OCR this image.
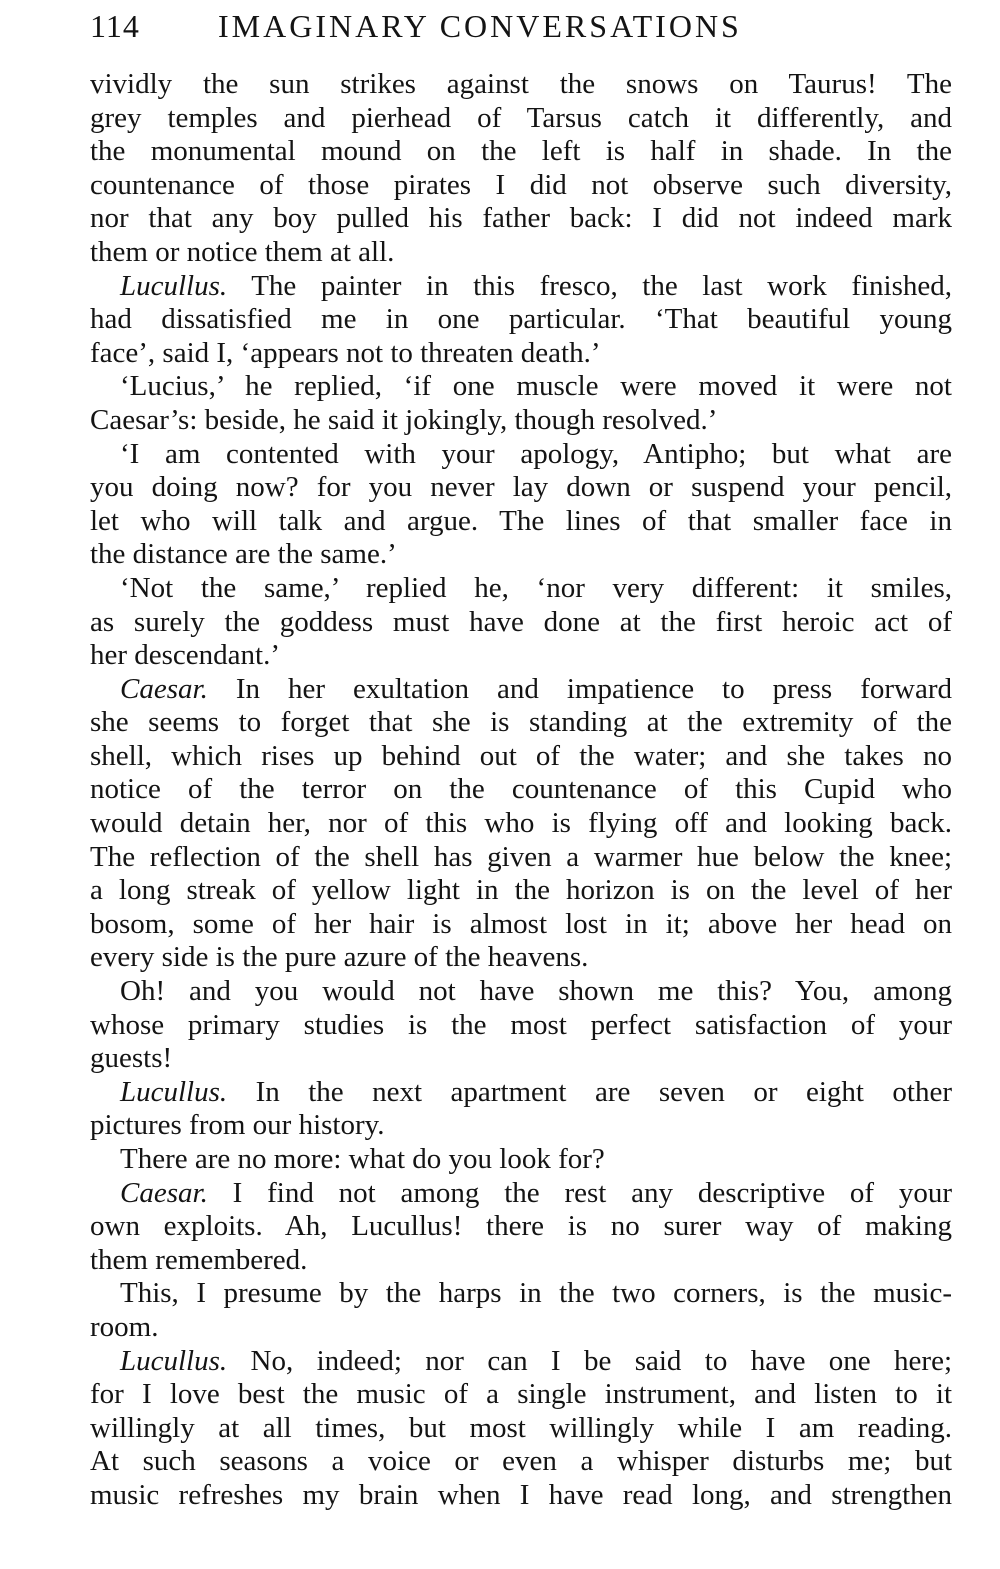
114 IMAGINARY CONVERSATIONS
vividly the sun strikes against the snows on Taurus! The
grey temples and pierhead of Tarsus catch it differently, and
the monumental mound on the left is half in shade. In the
countenance of those pirates I did not observe such diversity,
nor that any boy pulled his father back: I did not indeed mark
them or notice them at all.
Lucullus. The painter in this fresco, the last work finished,
had dissatisfied me in one particular. ‘That beautiful young
face’, said I, ‘appears not to threaten death.’
‘Lucius,’ he replied, ‘if one muscle were moved it were not
Caesar’s: beside, he said it jokingly, though resolved.’
‘I am contented with your apology, Antipho; but what are
you doing now? for you never lay down or suspend your pencil,
let who will talk and argue. The lines of that smaller face in
the distance are the same.’
‘Not the same,’ replied he, ‘nor very different: it smiles,
as surely the goddess must have done at the first heroic act of
her descendant.’
Caesar. In her exultation and impatience to press forward
she seems to forget that she is standing at the extremity of the
shell, which rises up behind out of the water; and she takes no
notice of the terror on the countenance of this Cupid who
would detain her, nor of this who is flying off and looking back.
The reflection of the shell has given a warmer hue below the knee;
a long streak of yellow light in the horizon is on the level of her
bosom, some of her hair is almost lost in it; above her head on
every side is the pure azure of the heavens.
Oh! and you would not have shown me this? You, among
whose primary studies is the most perfect satisfaction of your
guests!
Lucullus. In the next apartment are seven or eight other
pictures from our history.
There are no more: what do you look for?
Caesar. I find not among the rest any descriptive of your
own exploits. Ah, Lucullus! there is no surer way of making
them remembered.
This, I presume by the harps in the two corners, is the music-
room.
Lucullus. No, indeed; nor can I be said to have one here;
for I love best the music of a single instrument, and listen to it
willingly at all times, but most willingly while I am reading.
At such seasons a voice or even a whisper disturbs me; but
music refreshes my brain when I have read long, and strengthen
